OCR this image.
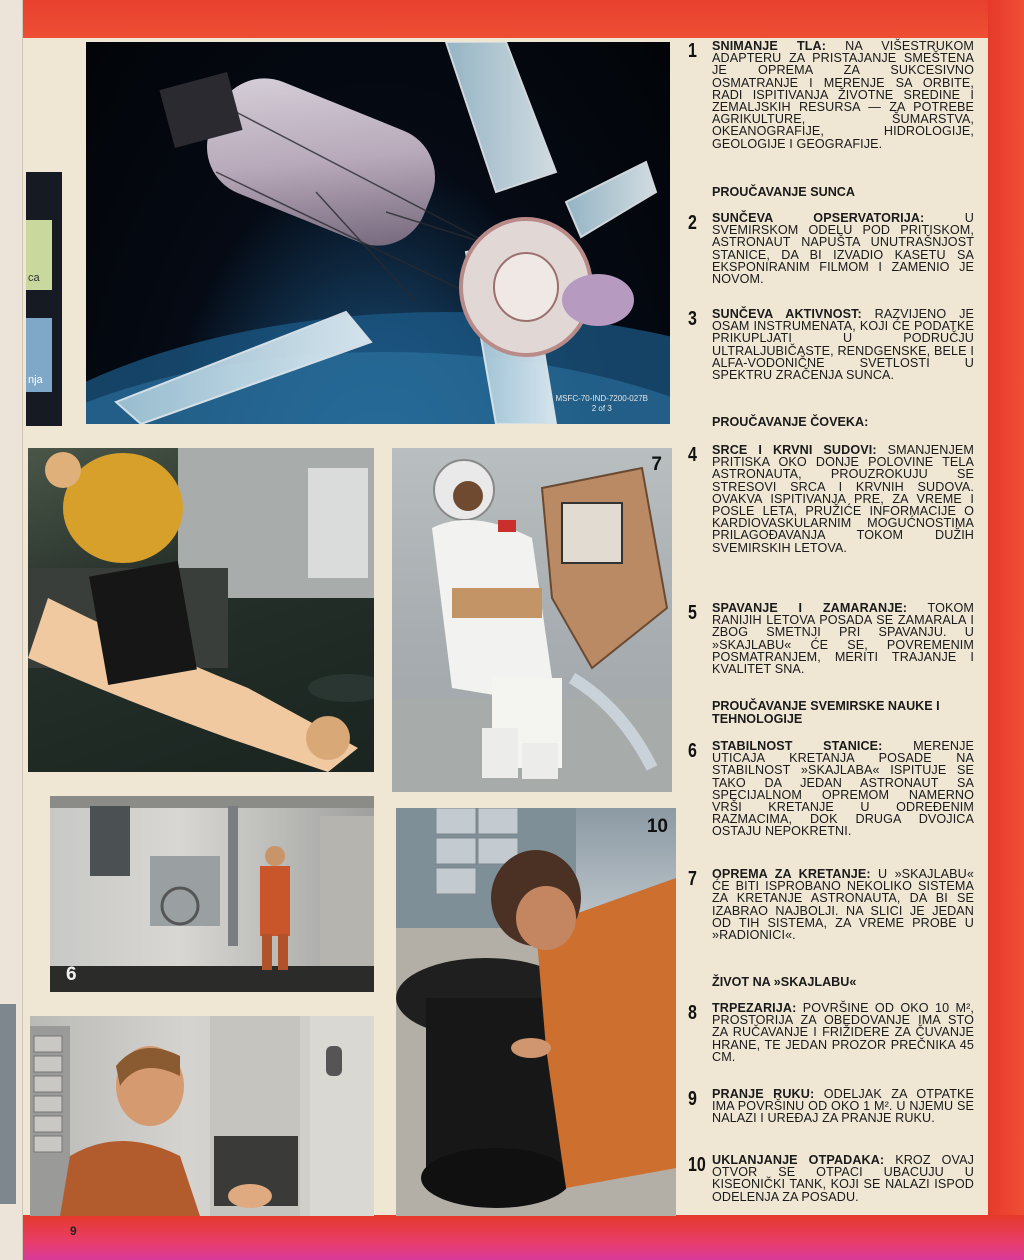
ca
nja
MSFC-70-IND-7200-027B
2 of 3
7
6
10
1 SNIMANJE TLA: NA VIŠESTRUKOM ADAPTERU ZA PRISTAJANJE SMEŠTENA JE OPREMA ZA SUKCESIVNO OSMATRANJE I MERENJE SA ORBITE, RADI ISPITIVANJA ŽIVOTNE SREDINE I ZEMALJSKIH RESURSA — ZA POTREBE AGRIKULTURE, ŠUMARSTVA, OKEANOGRAFIJE, HIDROLOGIJE, GEOLOGIJE I GEOGRAFIJE.
PROUČAVANJE SUNCA
2 SUNČEVA OPSERVATORIJA:	U SVEMIRSKOM ODELU POD PRITISKOM, ASTRONAUT NAPUŠTA UNUTRAŠNJOST STANICE, DA BI IZVADIO KASETU SA EKSPONIRANIM FILMOM I ZAMENIO JE NOVOM.
3 SUNČEVA AKTIVNOST: RAZVIJENO JE OSAM INSTRUMENATA, KOJI ĆE PODATKE PRIKUPLJATI U PODRUČJU ULTRALJUBIČASTE, RENDGENSKE, BELE I ALFA-VODONIČNE SVETLOSTI U SPEKTRU ZRAČENJA SUNCA.
PROUČAVANJE ČOVEKA:
4 SRCE I KRVNI SUDOVI: SMANJENJEM PRITISKA OKO DONJE POLOVINE TELA ASTRONAUTA, PROUZROKUJU SE STRESOVI SRCA I KRVNIH SUDOVA. OVAKVA ISPITIVANJA PRE, ZA VREME I POSLE LETA, PRUŽIĆE INFORMACIJE O KARDIOVASKULARNIM MOGUĆNOSTIMA PRILAGOĐAVANJA TOKOM DUŽIH SVEMIRSKIH LETOVA.
5 SPAVANJE I ZAMARANJE: TOKOM RANIJIH LETOVA POSADA SE ZAMARALA I ZBOG SMETNJI PRI SPAVANJU. U »SKAJLABU« ĆE SE, POVREMENIM POSMATRANJEM, MERITI TRAJANJE I KVALITET SNA.
PROUČAVANJE SVEMIRSKE NAUKE I TEHNOLOGIJE
6 STABILNOST STANICE: MERENJE UTICAJA KRETANJA POSADE NA STABILNOST »SKAJLABA« ISPITUJE SE TAKO DA JEDAN ASTRONAUT SA SPECIJALNOM OPREMOM NAMERNO VRŠI KRETANJE U ODREĐENIM RAZMACIMA, DOK DRUGA DVOJICA OSTAJU NEPOKRETNI.
7 OPREMA ZA KRETANJE: U »SKAJLABU« ĆE BITI ISPROBANO NEKOLIKO SISTEMA ZA KRETANJE ASTRONAUTA, DA BI SE IZABRAO NAJBOLJI. NA SLICI JE JEDAN OD TIH SISTEMA, ZA VREME PROBE U »RADIONICI«.
ŽIVOT NA »SKAJLABU«
8 TRPEZARIJA: POVRŠINE OD OKO 10 M², PROSTORIJA ZA OBEDOVANJE IMA STO ZA RUČAVANJE I FRIŽIDERE ZA ČUVANJE HRANE, TE JEDAN PROZOR PREČNIKA 45 CM.
9 PRANJE RUKU: ODELJAK ZA OTPATKE IMA POVRŠINU OD OKO 1 M². U NJEMU SE NALAZI I UREĐAJ ZA PRANJE RUKU.
10 UKLANJANJE OTPADAKA: KROZ OVAJ OTVOR SE OTPACI UBACUJU U KISEONIČKI TANK, KOJI SE NALAZI ISPOD ODELENJA ZA POSADU.
9
